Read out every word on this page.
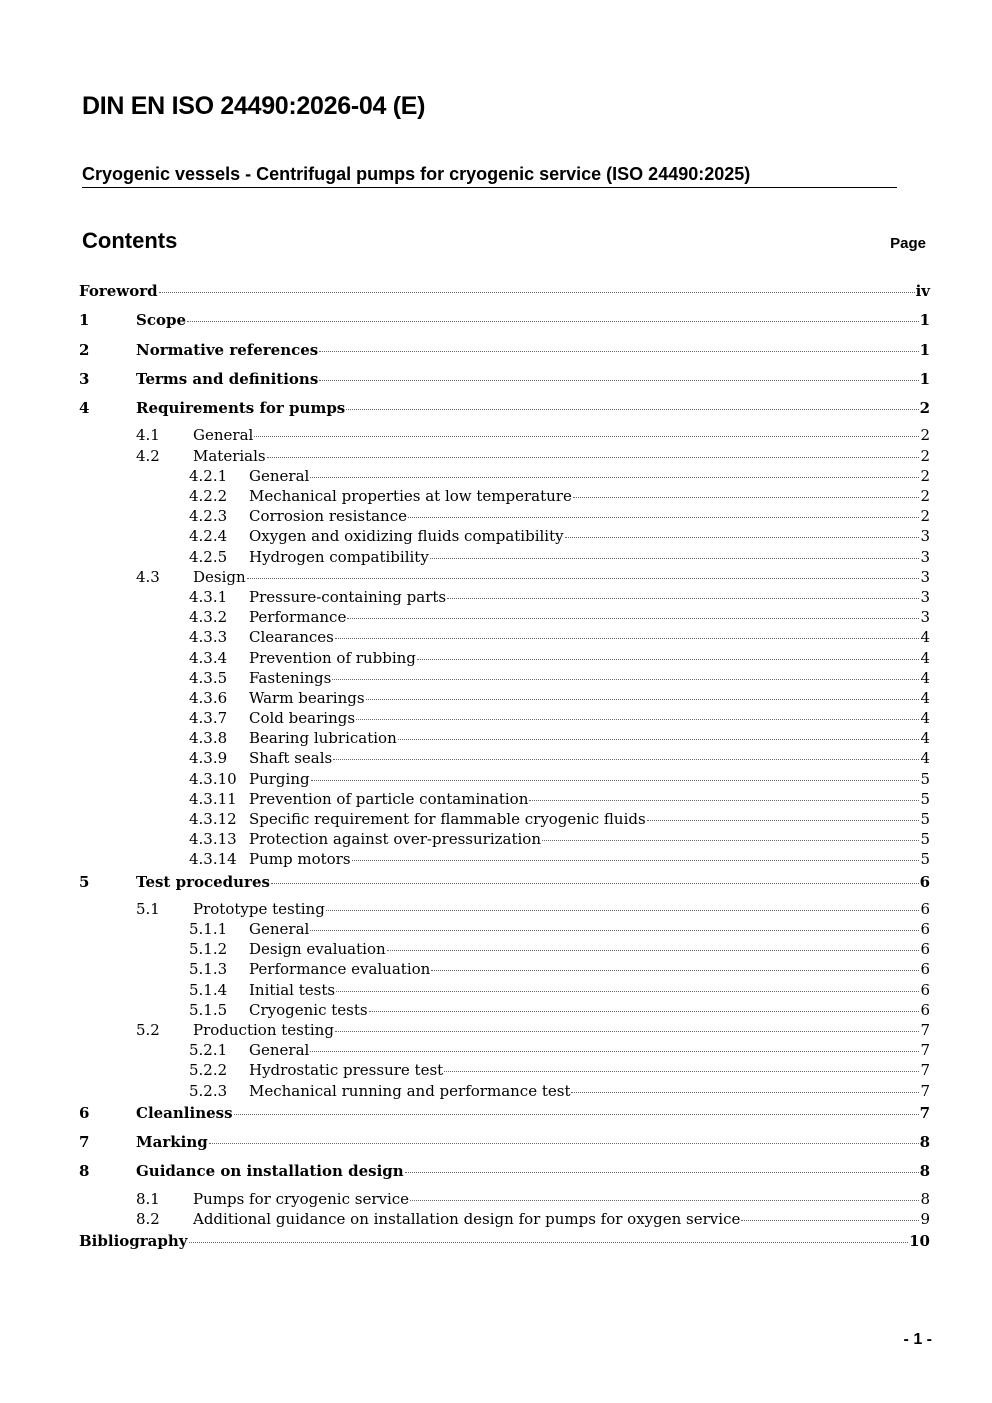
DIN EN ISO 24490:2026-04 (E)
Cryogenic vessels - Centrifugal pumps for cryogenic service (ISO 24490:2025)
Contents	Page
Foreword	iv
1	Scope	1
2	Normative references	1
3	Terms and definitions	1
4	Requirements for pumps	2
4.1	General	2
4.2	Materials	2
4.2.1	General	2
4.2.2	Mechanical properties at low temperature	2
4.2.3	Corrosion resistance	2
4.2.4	Oxygen and oxidizing fluids compatibility	3
4.2.5	Hydrogen compatibility	3
4.3	Design	3
4.3.1	Pressure-containing parts	3
4.3.2	Performance	3
4.3.3	Clearances	4
4.3.4	Prevention of rubbing	4
4.3.5	Fastenings	4
4.3.6	Warm bearings	4
4.3.7	Cold bearings	4
4.3.8	Bearing lubrication	4
4.3.9	Shaft seals	4
4.3.10 Purging	5
4.3.11 Prevention of particle contamination	5
4.3.12 Specific requirement for flammable cryogenic fluids	5
4.3.13 Protection against over-pressurization	5
4.3.14 Pump motors	5
5	Test procedures	6
5.1	Prototype testing	6
5.1.1	General	6
5.1.2	Design evaluation	6
5.1.3	Performance evaluation	6
5.1.4	Initial tests	6
5.1.5	Cryogenic tests	6
5.2	Production testing	7
5.2.1	General	7
5.2.2	Hydrostatic pressure test	7
5.2.3	Mechanical running and performance test	7
6	Cleanliness	7
7	Marking	8
8	Guidance on installation design	8
8.1	Pumps for cryogenic service	8
8.2	Additional guidance on installation design for pumps for oxygen service	9
Bibliography	10
- 1 -
